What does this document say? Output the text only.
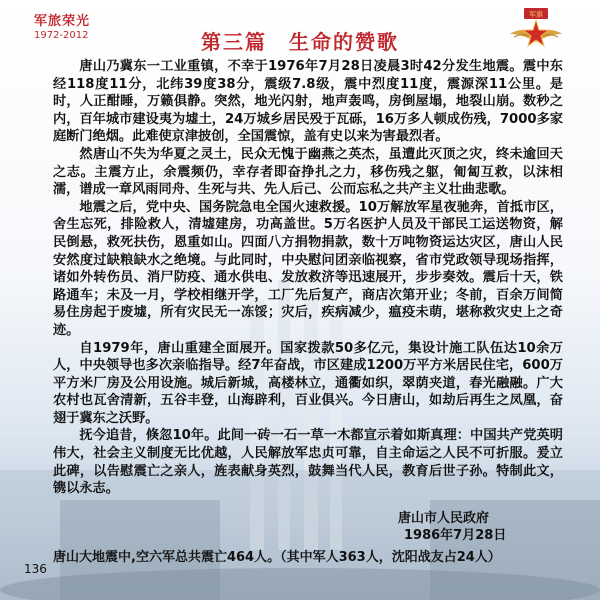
军旅荣光
1972-2012	第三篇 生命的赞歌
军旗

唐山乃冀东一工业重镇，不幸于1976年7月28日凌晨3时42分发生地震。震中东经118度11分，北纬39度38分，震级7.8级，震中烈度11度，震源深11公里。是时，人正酣睡，万籁俱静。突然，地光闪射，地声轰鸣，房倒屋塌，地裂山崩。数秒之内，百年城市建设夷为墟土，24万城乡居民殁于瓦砾，16万多人顿成伤残，7000多家庭断门绝烟。此难使京津披创，全国震惊，盖有史以来为害最烈者。

然唐山不失为华夏之灵土，民众无愧于幽燕之英杰，虽遭此灭顶之灾，终未逾回天之志。主震方止，余震频仍，幸存者即奋挣扎之力，移伤残之躯，匍匐互救，以沫相濡，谱成一章风雨同舟、生死与共、先人后己、公而忘私之共产主义壮曲悲歌。

地震之后，党中央、国务院急电全国火速救援。10万解放军星夜驰奔，首抵市区，舍生忘死，排险救人，清墟建房，功高盖世。5万名医护人员及干部民工运送物资，解民倒悬，救死扶伤，恩重如山。四面八方捐物捐款，数十万吨物资运达灾区，唐山人民安然度过缺粮缺水之绝境。与此同时，中央慰问团亲临视察，省市党政领导现场指挥，诸如外转伤员、消尸防疫、通水供电、发放救济等迅速展开，步步奏效。震后十天，铁路通车；未及一月，学校相继开学，工厂先后复产，商店次第开业；冬前，百余万间简易住房起于废墟，所有灾民无一冻馁；灾后，疾病减少，瘟疫未萌，堪称救灾史上之奇迹。

自1979年，唐山重建全面展开。国家拨款50多亿元，集设计施工队伍达10余万人，中央领导也多次亲临指导。经7年奋战，市区建成1200万平方米居民住宅，600万平方米厂房及公用设施。城后新城，高楼林立，通衢如织，翠荫夹道，春光融融。广大农村也瓦舍清新，五谷丰登，山海辟利，百业俱兴。今日唐山，如劫后再生之凤凰，奋翅于冀东之沃野。

抚今追昔，倏忽10年。此间一砖一石一草一木都宣示着如斯真理：中国共产党英明伟大，社会主义制度无比优越，人民解放军忠贞可靠，自主命运之人民不可折服。爰立此碑，以告慰震亡之亲人，旌表献身英烈，鼓舞当代人民，教育后世子孙。特制此文，镌以永志。

唐山市人民政府
1986年7月28日
唐山大地震中,空六军总共震亡464人。（其中军人363人，沈阳战友占24人）
136
